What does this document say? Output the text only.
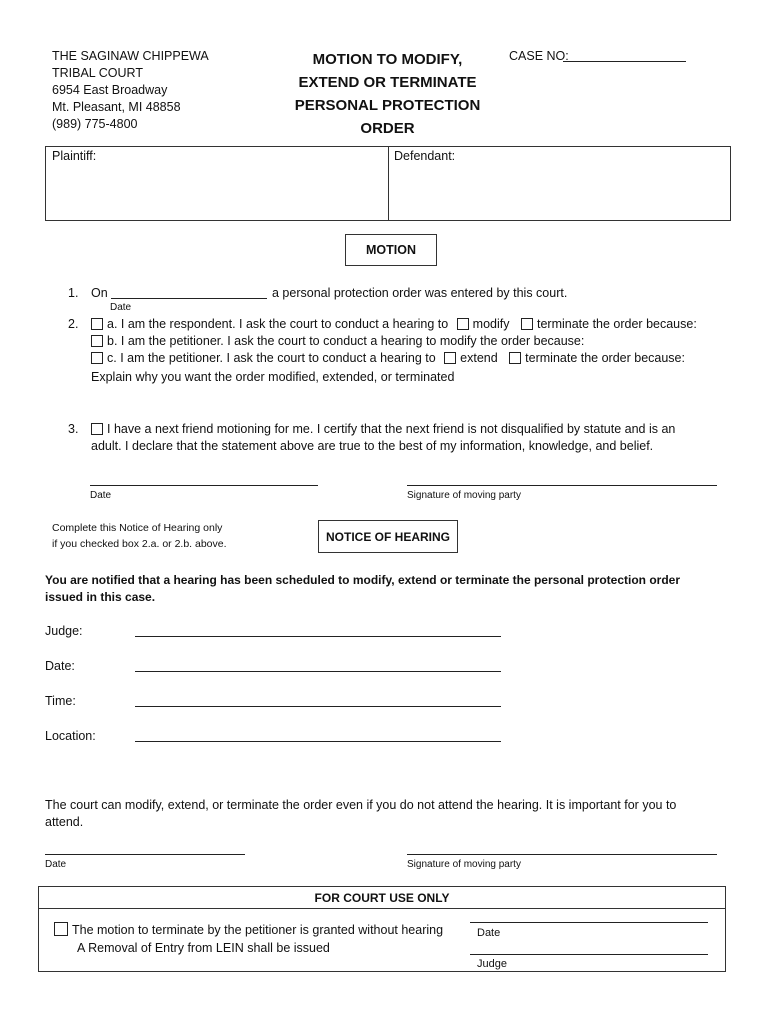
THE SAGINAW CHIPPEWA
TRIBAL COURT
6954 East Broadway
Mt. Pleasant, MI 48858
(989) 775-4800
MOTION TO MODIFY,
EXTEND OR TERMINATE
PERSONAL PROTECTION
ORDER
CASE NO:
Plaintiff:	Defendant:
MOTION
1. On	a personal protection order was entered by this court.
Date
2.	a. I am the respondent. I ask the court to conduct a hearing to modify terminate the order because:
b. I am the petitioner. I ask the court to conduct a hearing to modify the order because:
c. I am the petitioner. I ask the court to conduct a hearing to extend terminate the order because:
Explain why you want the order modified, extended, or terminated
3.	I have a next friend motioning for me. I certify that the next friend is not disqualified by statute and is an
adult. I declare that the statement above are true to the best of my information, knowledge, and belief.
Date	Signature of moving party
Complete this Notice of Hearing only
if you checked box 2.a. or 2.b. above.
NOTICE OF HEARING
You are notified that a hearing has been scheduled to modify, extend or terminate the personal protection order
issued in this case.
Judge:
Date:
Time:
Location:
The court can modify, extend, or terminate the order even if you do not attend the hearing. It is important for you to
attend.
Date	Signature of moving party
FOR COURT USE ONLY
The motion to terminate by the petitioner is granted without hearing
A Removal of Entry from LEIN shall be issued
Date
Judge
